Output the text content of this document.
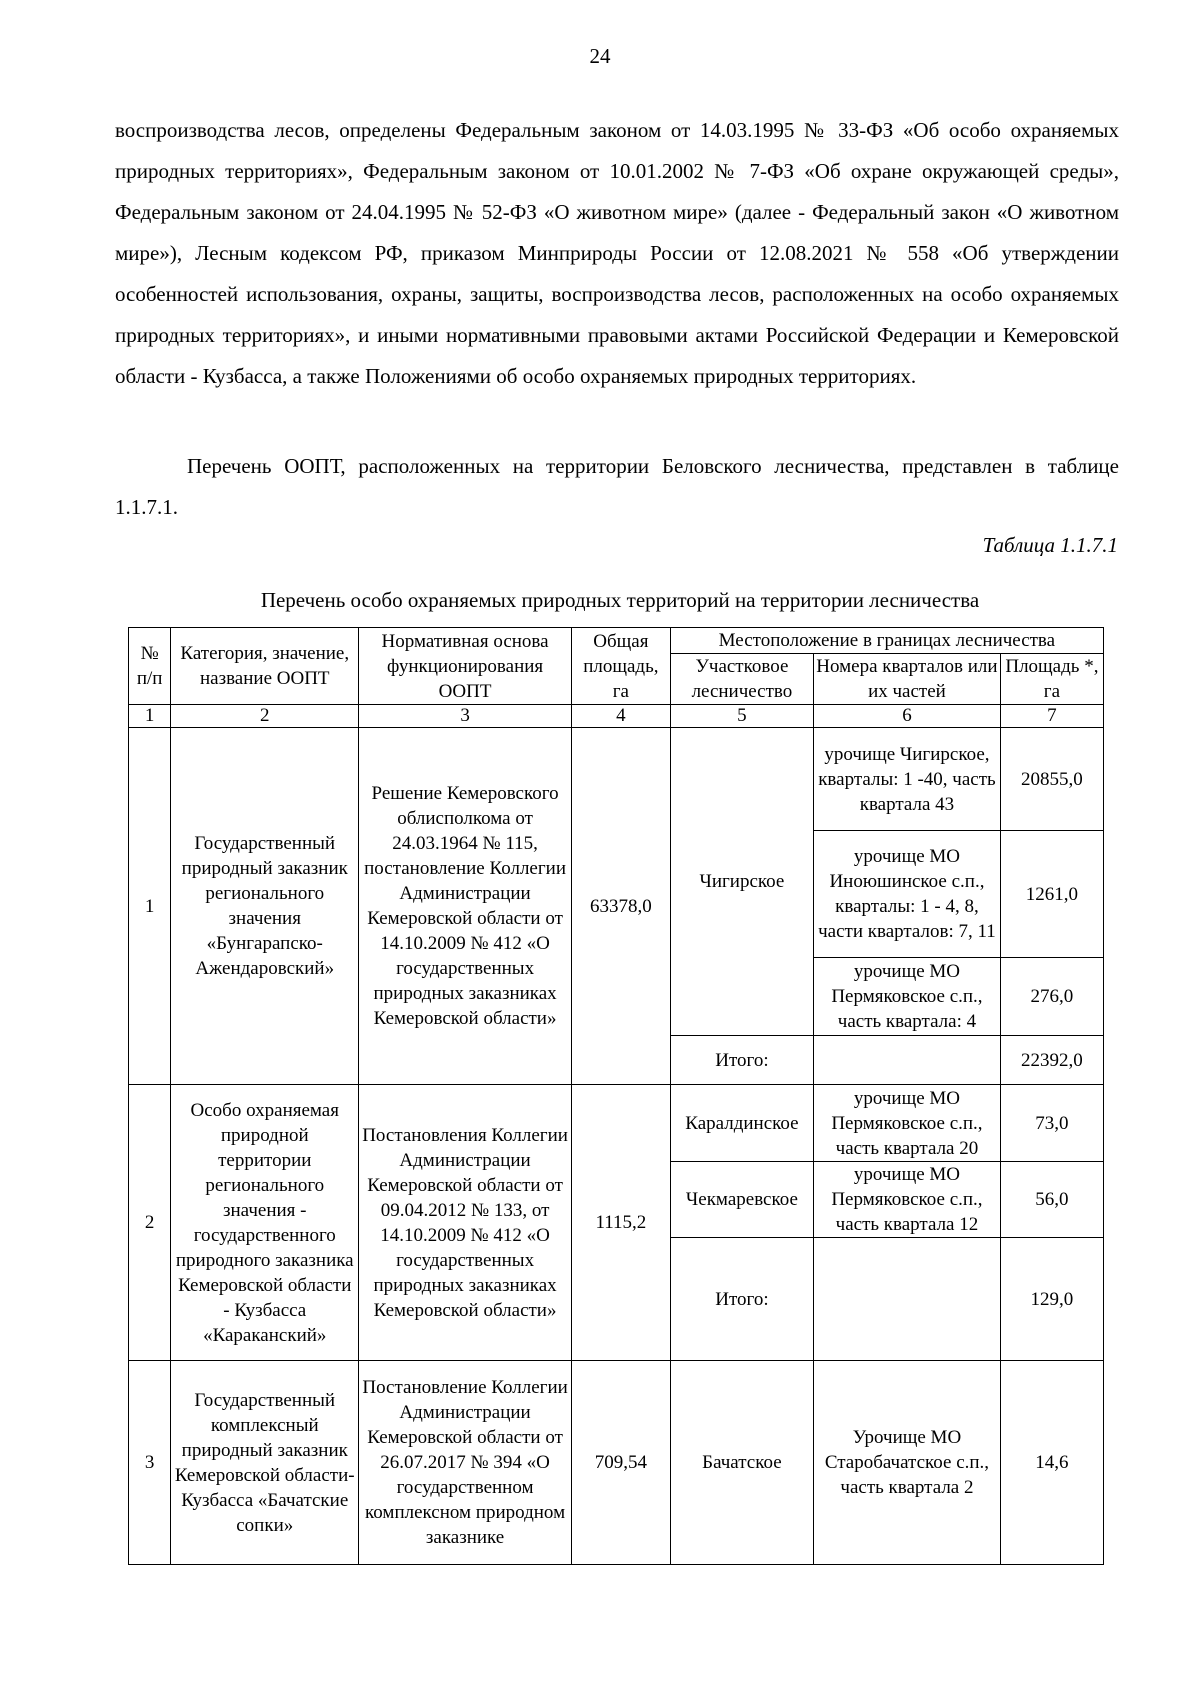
24
воспроизводства лесов, определены Федеральным законом от 14.03.1995 № 33-ФЗ «Об особо охраняемых природных территориях», Федеральным законом от 10.01.2002 № 7-ФЗ «Об охране окружающей среды», Федеральным законом от 24.04.1995 № 52-ФЗ «О животном мире» (далее - Федеральный закон «О животном мире»), Лесным кодексом РФ, приказом Минприроды России от 12.08.2021 № 558 «Об утверждении особенностей использования, охраны, защиты, воспроизводства лесов, расположенных на особо охраняемых природных территориях», и иными нормативными правовыми актами Российской Федерации и Кемеровской области - Кузбасса, а также Положениями об особо охраняемых природных территориях.
Перечень ООПТ, расположенных на территории Беловского лесничества, представлен в таблице 1.1.7.1.
Таблица 1.1.7.1
Перечень особо охраняемых природных территорий на территории лесничества
№ п/п	Категория, значение, название ООПТ	Нормативная основа функционирования ООПТ	Общая площадь, га	Местоположение в границах лесничества		
				Участковое лесничество	Номера кварталов или их частей	Площадь *, га
1	2	3	4	5	6	7
1	Государственный природный заказник регионального значения «Бунгарапско-Ажендаровский»	Решение Кемеровского облисполкома от 24.03.1964 № 115, постановление Коллегии Администрации Кемеровской области от 14.10.2009 № 412 «О государственных природных заказниках Кемеровской области»	63378,0	Чигирское	урочище Чигирское, кварталы: 1 -40, часть квартала 43	20855,0
					урочище МО Иноюшинское с.п., кварталы: 1 - 4, 8, части кварталов: 7, 11	1261,0
					урочище МО Пермяковское с.п., часть квартала: 4	276,0
				Итого:		22392,0
2	Особо охраняемая природной территории регионального значения - государственного природного заказника Кемеровской области - Кузбасса «Караканский»	Постановления Коллегии Администрации Кемеровской области от 09.04.2012 № 133, от 14.10.2009 № 412 «О государственных природных заказниках Кемеровской области»	1115,2	Каралдинское	урочище МО Пермяковское с.п., часть квартала 20	73,0
				Чекмаревское	урочище МО Пермяковское с.п., часть квартала 12	56,0
				Итого:		129,0
3	Государственный комплексный природный заказник Кемеровской области-Кузбасса «Бачатские сопки»	Постановление Коллегии Администрации Кемеровской области от 26.07.2017 № 394 «О государственном комплексном природном заказнике	709,54	Бачатское	Урочище МО Старобачатское с.п., часть квартала 2	14,6
